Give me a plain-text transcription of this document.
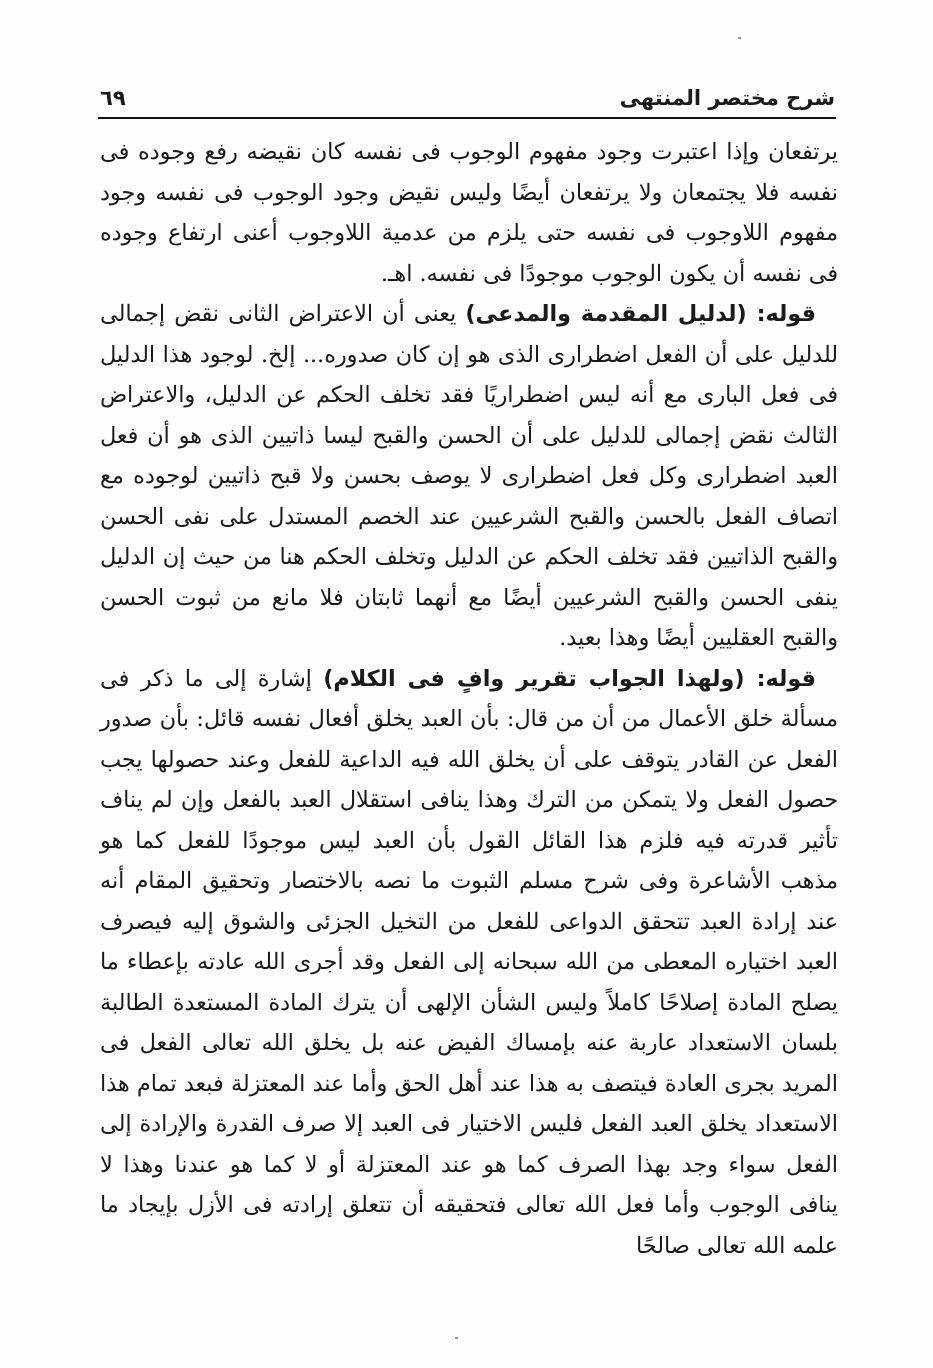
شرح مختصر المنتهى
٦٩

يرتفعان وإذا اعتبرت وجود مفهوم الوجوب فى نفسه كان نقيضه رفع وجوده فى نفسه فلا يجتمعان ولا يرتفعان أيضًا وليس نقيض وجود الوجوب فى نفسه وجود مفهوم اللاوجوب فى نفسه حتى يلزم من عدمية اللاوجوب أعنى ارتفاع وجوده فى نفسه أن يكون الوجوب موجودًا فى نفسه. اهـ.

قوله: (لدليل المقدمة والمدعى) يعنى أن الاعتراض الثانى نقض إجمالى للدليل على أن الفعل اضطرارى الذى هو إن كان صدوره... إلخ. لوجود هذا الدليل فى فعل البارى مع أنه ليس اضطراريًا فقد تخلف الحكم عن الدليل، والاعتراض الثالث نقض إجمالى للدليل على أن الحسن والقبح ليسا ذاتيين الذى هو أن فعل العبد اضطرارى وكل فعل اضطرارى لا يوصف بحسن ولا قبح ذاتيين لوجوده مع اتصاف الفعل بالحسن والقبح الشرعيين عند الخصم المستدل على نفى الحسن والقبح الذاتيين فقد تخلف الحكم عن الدليل وتخلف الحكم هنا من حيث إن الدليل ينفى الحسن والقبح الشرعيين أيضًا مع أنهما ثابتان فلا مانع من ثبوت الحسن والقبح العقليين أيضًا وهذا بعيد.

قوله: (ولهذا الجواب تقرير وافٍ فى الكلام) إشارة إلى ما ذكر فى مسألة خلق الأعمال من أن من قال: بأن العبد يخلق أفعال نفسه قائل: بأن صدور الفعل عن القادر يتوقف على أن يخلق الله فيه الداعية للفعل وعند حصولها يجب حصول الفعل ولا يتمكن من الترك وهذا ينافى استقلال العبد بالفعل وإن لم يناف تأثير قدرته فيه فلزم هذا القائل القول بأن العبد ليس موجودًا للفعل كما هو مذهب الأشاعرة وفى شرح مسلم الثبوت ما نصه بالاختصار وتحقيق المقام أنه عند إرادة العبد تتحقق الدواعى للفعل من التخيل الجزئى والشوق إليه فيصرف العبد اختياره المعطى من الله سبحانه إلى الفعل وقد أجرى الله عادته بإعطاء ما يصلح المادة إصلاحًا كاملاً وليس الشأن الإلهى أن يترك المادة المستعدة الطالبة بلسان الاستعداد عاربة عنه بإمساك الفيض عنه بل يخلق الله تعالى الفعل فى المريد بجرى العادة فيتصف به هذا عند أهل الحق وأما عند المعتزلة فبعد تمام هذا الاستعداد يخلق العبد الفعل فليس الاختيار فى العبد إلا صرف القدرة والإرادة إلى الفعل سواء وجد بهذا الصرف كما هو عند المعتزلة أو لا كما هو عندنا وهذا لا ينافى الوجوب وأما فعل الله تعالى فتحقيقه أن تتعلق إرادته فى الأزل بإيجاد ما علمه الله تعالى صالحًا
